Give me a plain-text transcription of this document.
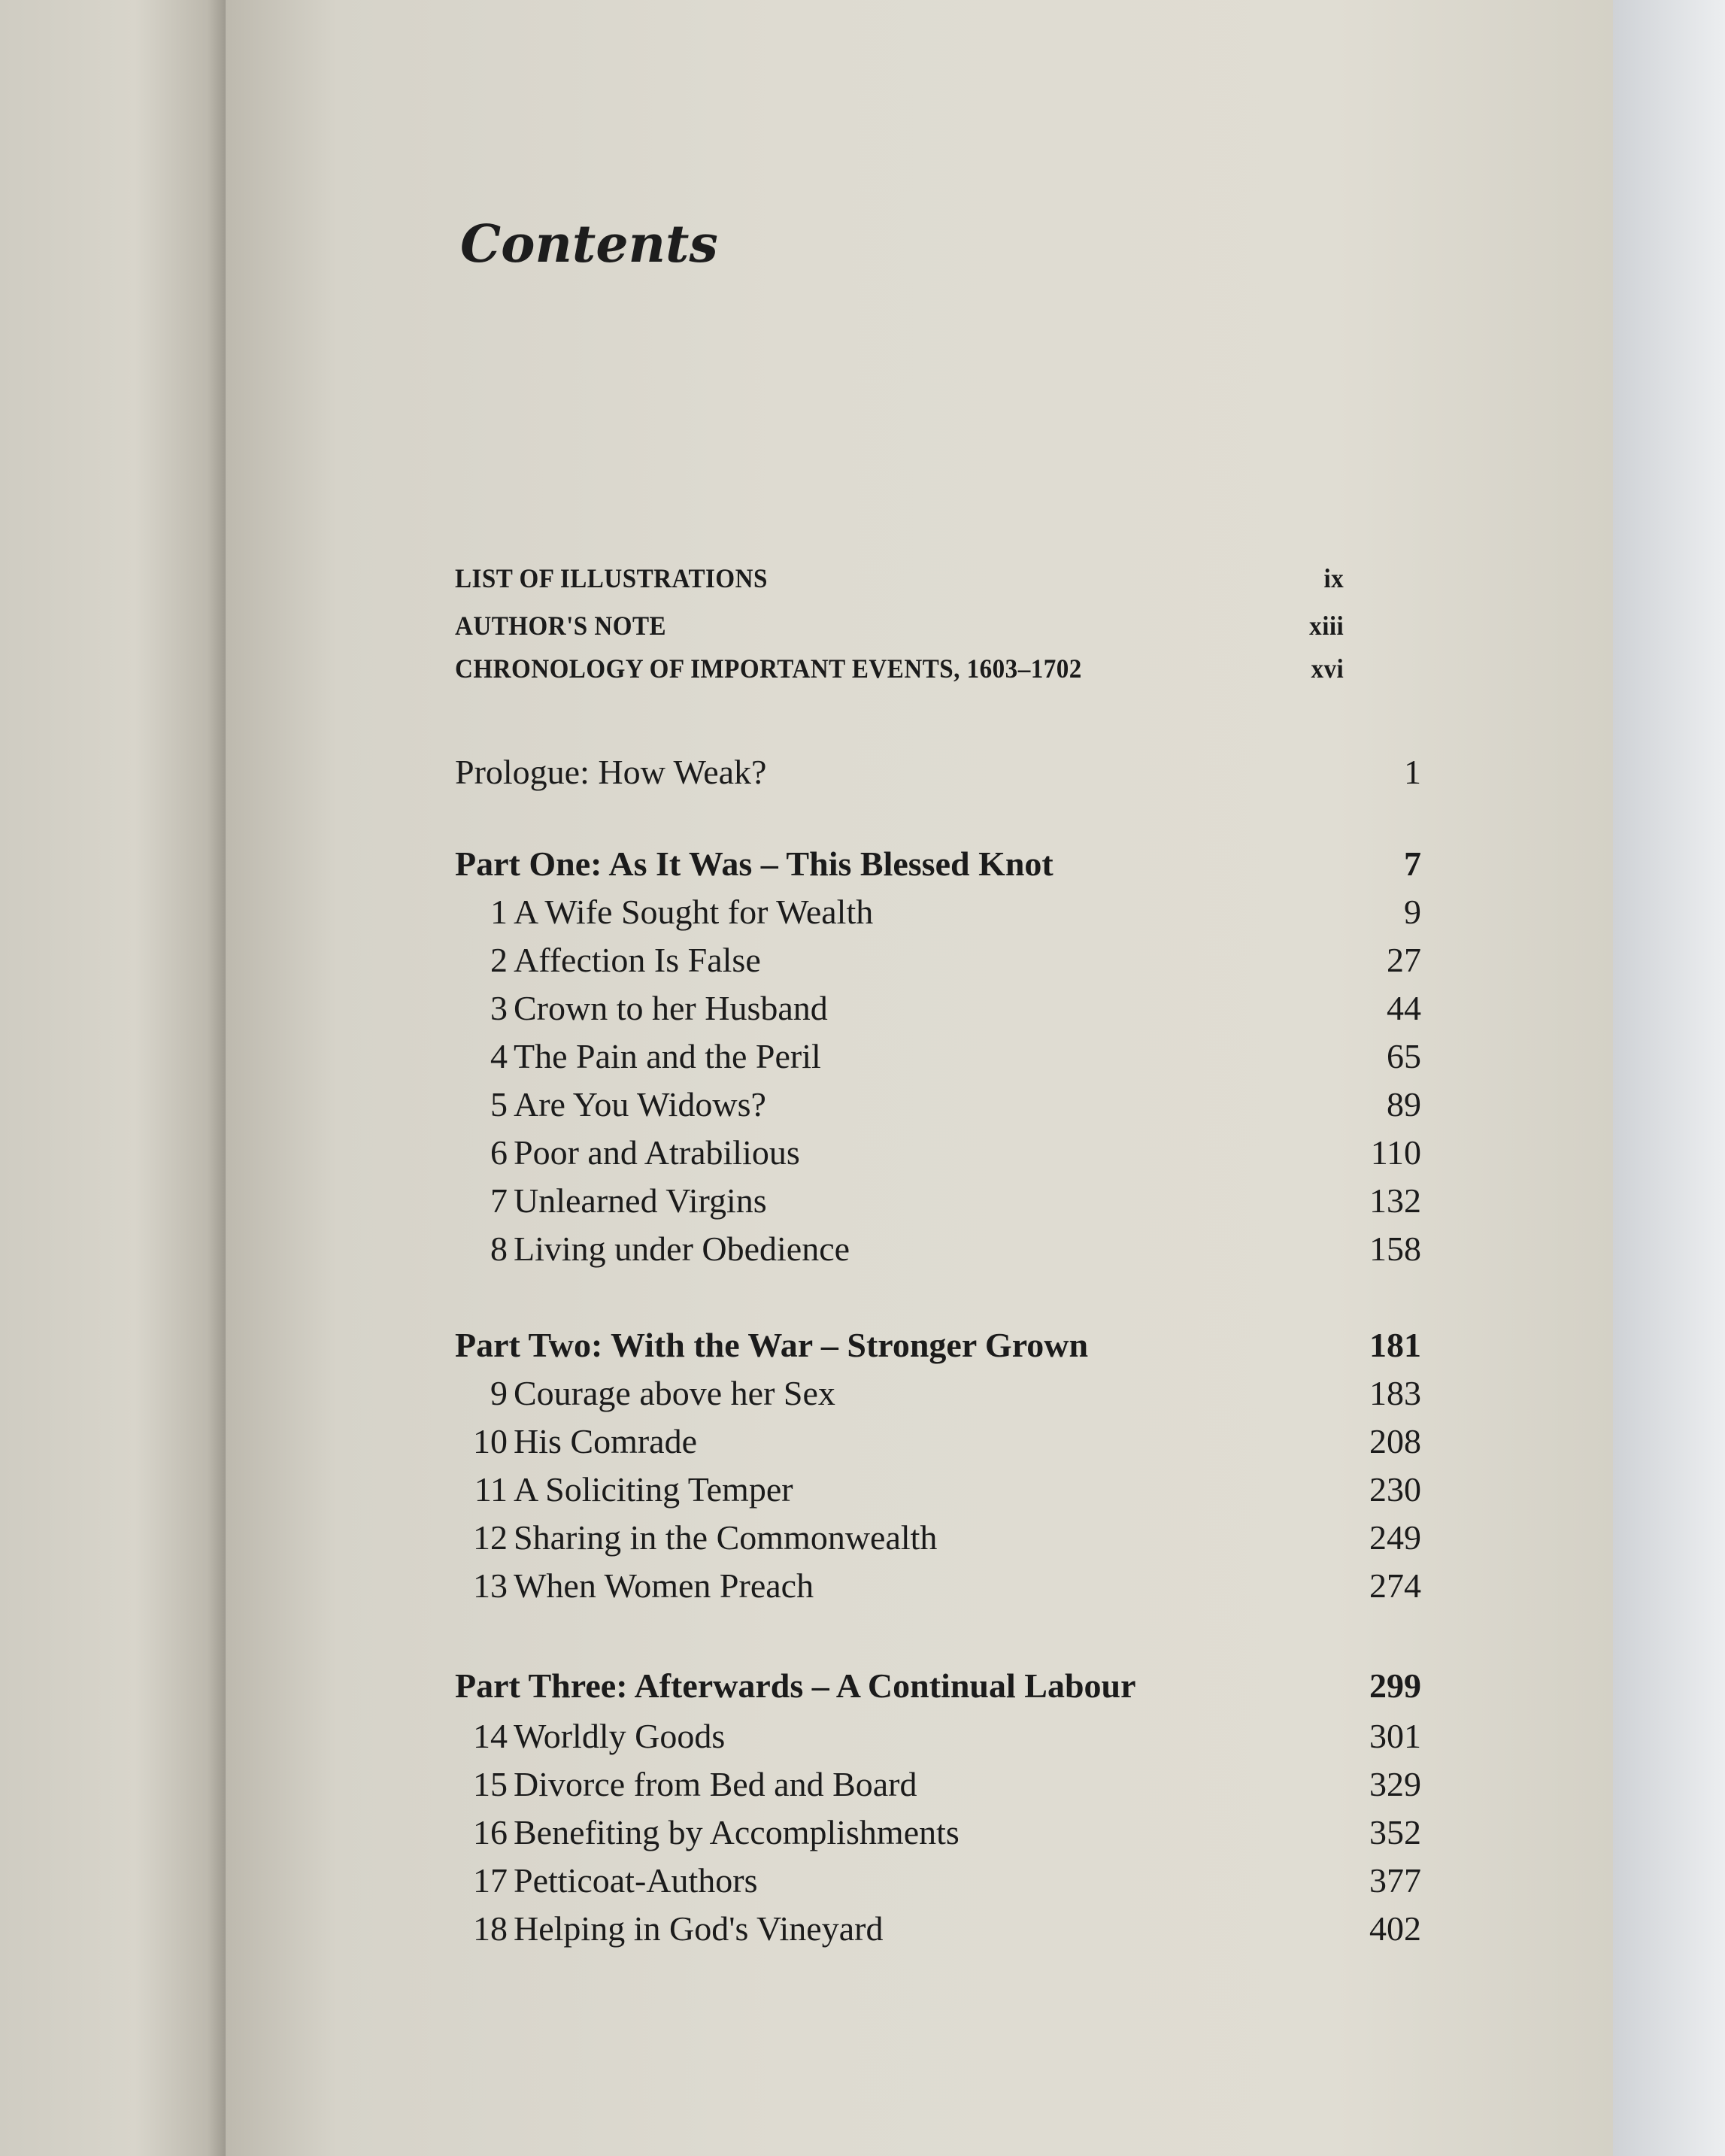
Contents
LIST OF ILLUSTRATIONS	ix
AUTHOR'S NOTE	xiii
CHRONOLOGY OF IMPORTANT EVENTS, 1603–1702	xvi
Prologue: How Weak?	1
Part One: As It Was – This Blessed Knot	7
1 A Wife Sought for Wealth	9
2 Affection Is False	27
3 Crown to her Husband	44
4 The Pain and the Peril	65
5 Are You Widows?	89
6 Poor and Atrabilious	110
7 Unlearned Virgins	132
8 Living under Obedience	158
Part Two: With the War – Stronger Grown	181
9 Courage above her Sex	183
10 His Comrade	208
11 A Soliciting Temper	230
12 Sharing in the Commonwealth	249
13 When Women Preach	274
Part Three: Afterwards – A Continual Labour	299
14 Worldly Goods	301
15 Divorce from Bed and Board	329
16 Benefiting by Accomplishments	352
17 Petticoat-Authors	377
18 Helping in God's Vineyard	402
